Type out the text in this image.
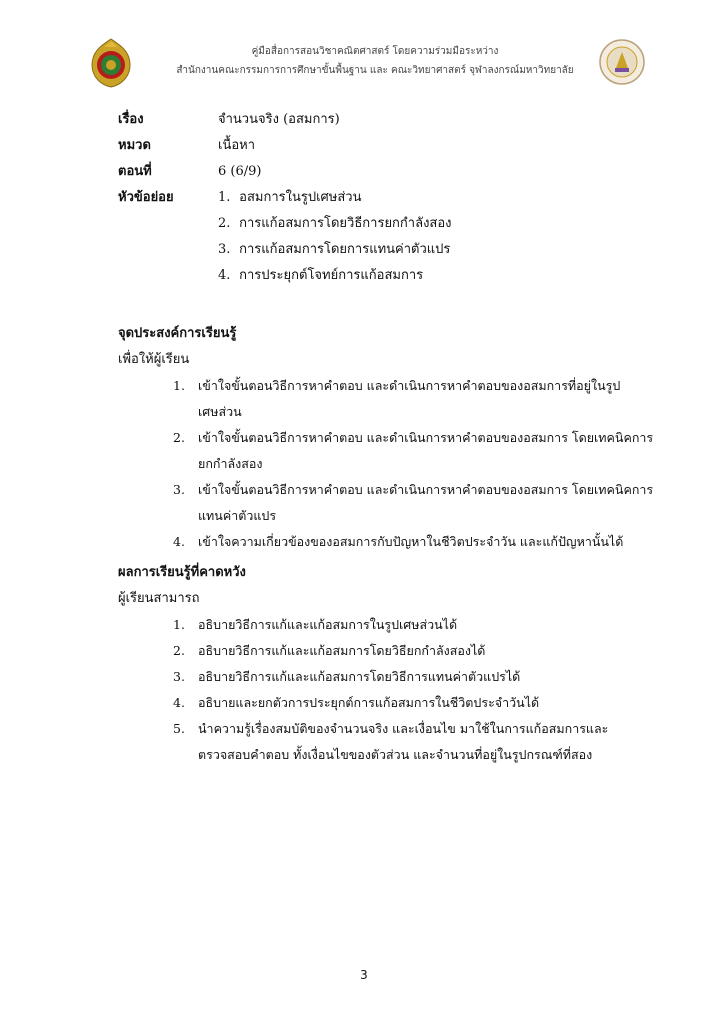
คู่มือสื่อการสอนวิชาคณิตศาสตร์ โดยความร่วมมือระหว่าง
สำนักงานคณะกรรมการการศึกษาขั้นพื้นฐาน และ คณะวิทยาศาสตร์ จุฬาลงกรณ์มหาวิทยาลัย
เรื่อง	จำนวนจริง (อสมการ)
หมวด	เนื้อหา
ตอนที่	6 (6/9)
หัวข้อย่อย	1. อสมการในรูปเศษส่วน
2. การแก้อสมการโดยวิธีการยกกำลังสอง
3. การแก้อสมการโดยการแทนค่าตัวแปร
4. การประยุกต์โจทย์การแก้อสมการ
จุดประสงค์การเรียนรู้
เพื่อให้ผู้เรียน
1. เข้าใจขั้นตอนวิธีการหาคำตอบ และดำเนินการหาคำตอบของอสมการที่อยู่ในรูป
เศษส่วน
2. เข้าใจขั้นตอนวิธีการหาคำตอบ และดำเนินการหาคำตอบของอสมการ โดยเทคนิคการ
ยกกำลังสอง
3. เข้าใจขั้นตอนวิธีการหาคำตอบ และดำเนินการหาคำตอบของอสมการ โดยเทคนิคการ
แทนค่าตัวแปร
4. เข้าใจความเกี่ยวข้องของอสมการกับปัญหาในชีวิตประจำวัน และแก้ปัญหานั้นได้
ผลการเรียนรู้ที่คาดหวัง
ผู้เรียนสามารถ
1. อธิบายวิธีการแก้และแก้อสมการในรูปเศษส่วนได้
2. อธิบายวิธีการแก้และแก้อสมการโดยวิธียกกำลังสองได้
3. อธิบายวิธีการแก้และแก้อสมการโดยวิธีการแทนค่าตัวแปรได้
4. อธิบายและยกตัวการประยุกต์การแก้อสมการในชีวิตประจำวันได้
5. นำความรู้เรื่องสมบัติของจำนวนจริง และเงื่อนไข มาใช้ในการแก้อสมการและ
ตรวจสอบคำตอบ ทั้งเงื่อนไขของตัวส่วน และจำนวนที่อยู่ในรูปกรณฑ์ที่สอง
3
